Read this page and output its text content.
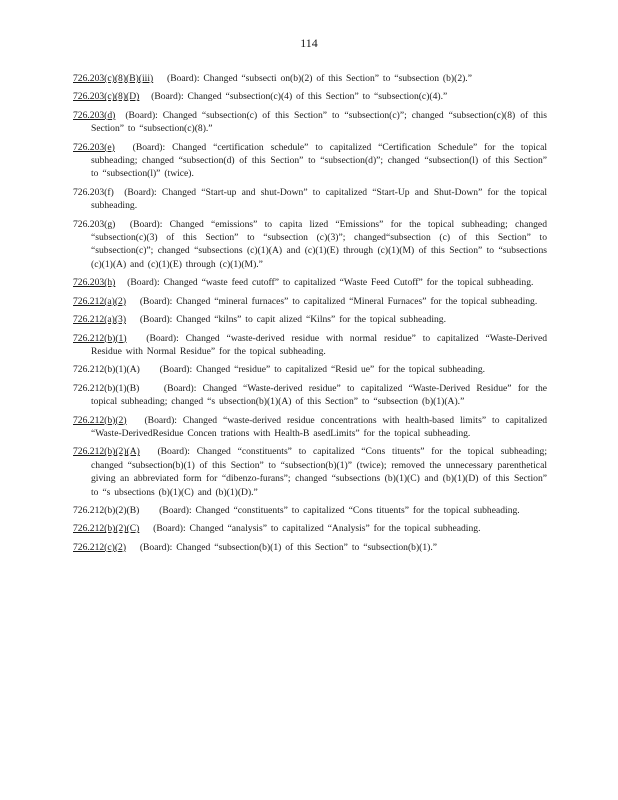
114

726.203(c)(8)(B)(iii) (Board): Changed “subsecti on(b)(2) of this Section” to “subsection (b)(2).”

726.203(c)(8)(D) (Board): Changed “subsection(c)(4) of this Section” to “subsection(c)(4).”

726.203(d) (Board): Changed “subsection(c) of this Section” to “subsection(c)”; changed “subsection(c)(8) of this Section” to “subsection(c)(8).”

726.203(e) (Board): Changed “certification schedule” to capitalized “Certification Schedule” for the topical subheading; changed “subsection(d) of this Section” to “subsection(d)”; changed “subsection(l) of this Section” to “subsection(l)” (twice).

726.203(f) (Board): Changed “Start-up and shut-Down” to capitalized “Start-Up and Shut-Down” for the topical subheading.

726.203(g) (Board): Changed “emissions” to capita lized “Emissions” for the topical subheading; changed “subsection(c)(3) of this Section” to “subsection (c)(3)”; changed“subsection (c) of this Section” to “subsection(c)”; changed “subsections (c)(1)(A) and (c)(1)(E) through (c)(1)(M) of this Section” to “subsections (c)(1)(A) and (c)(1)(E) through (c)(1)(M).”

726.203(h) (Board): Changed “waste feed cutoff” to capitalized “Waste Feed Cutoff” for the topical subheading.

726.212(a)(2) (Board): Changed “mineral furnaces” to capitalized “Mineral Furnaces” for the topical subheading.

726.212(a)(3) (Board): Changed “kilns” to capit alized “Kilns” for the topical subheading.

726.212(b)(1) (Board): Changed “waste-derived residue with normal residue” to capitalized “Waste-Derived Residue with Normal Residue” for the topical subheading.

726.212(b)(1)(A) (Board): Changed “residue” to capitalized “Resid ue” for the topical subheading.

726.212(b)(1)(B)	(Board): Changed “Waste-derived residue” to capitalized “Waste-Derived Residue” for the topical subheading; changed “s ubsection(b)(1)(A) of this Section” to “subsection (b)(1)(A).”

726.212(b)(2) (Board): Changed “waste-derived residue concentrations with health-based limits” to capitalized “Waste-DerivedResidue Concen trations with Health-B asedLimits” for the topical subheading.

726.212(b)(2)(A) (Board): Changed “constituents” to capitalized “Cons tituents” for the topical subheading; changed “subsection(b)(1) of this Section” to “subsection(b)(1)” (twice); removed the unnecessary parenthetical giving an abbreviated form for “dibenzo-furans”; changed “subsections (b)(1)(C) and (b)(1)(D) of this Section” to “s ubsections (b)(1)(C) and (b)(1)(D).”

726.212(b)(2)(B) (Board): Changed “constituents” to capitalized “Cons tituents” for the topical subheading.

726.212(b)(2)(C) (Board): Changed “analysis” to capitalized “Analysis” for the topical subheading.

726.212(c)(2) (Board): Changed “subsection(b)(1) of this Section” to “subsection(b)(1).”
